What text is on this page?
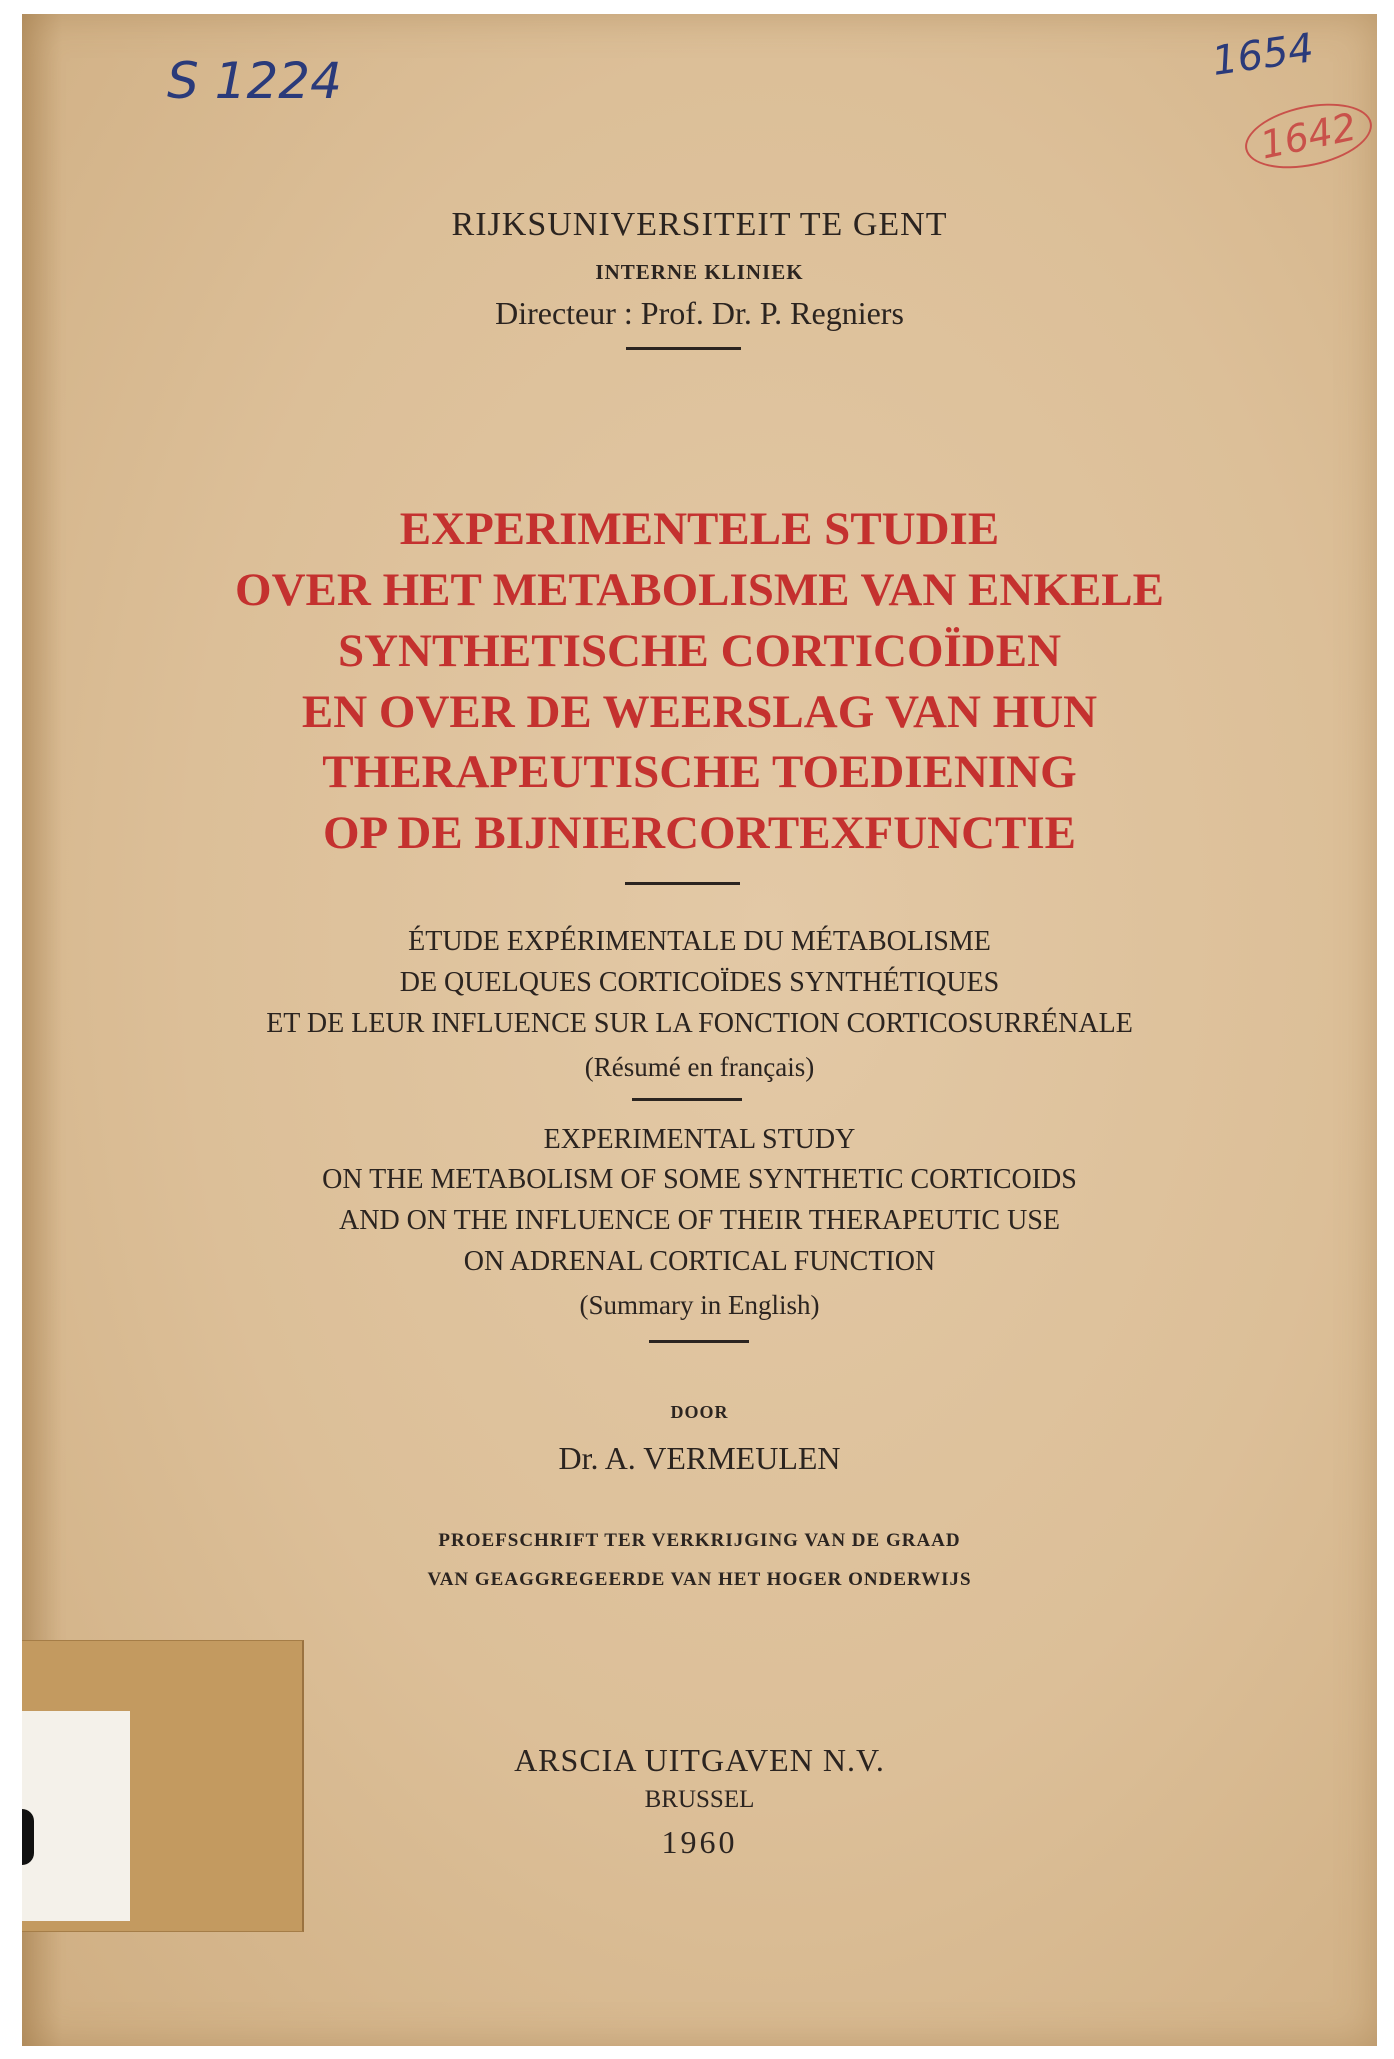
S 1224	1654
1642
RIJKSUNIVERSITEIT TE GENT
INTERNE KLINIEK
Directeur : Prof. Dr. P. Regniers
EXPERIMENTELE STUDIE
OVER HET METABOLISME VAN ENKELE
SYNTHETISCHE CORTICOÏDEN
EN OVER DE WEERSLAG VAN HUN
THERAPEUTISCHE TOEDIENING
OP DE BIJNIERCORTEXFUNCTIE
ÉTUDE EXPÉRIMENTALE DU MÉTABOLISME
DE QUELQUES CORTICOÏDES SYNTHÉTIQUES
ET DE LEUR INFLUENCE SUR LA FONCTION CORTICOSURRÉNALE
(Résumé en français)
EXPERIMENTAL STUDY
ON THE METABOLISM OF SOME SYNTHETIC CORTICOIDS
AND ON THE INFLUENCE OF THEIR THERAPEUTIC USE
ON ADRENAL CORTICAL FUNCTION
(Summary in English)
DOOR
Dr. A. VERMEULEN
PROEFSCHRIFT TER VERKRIJGING VAN DE GRAAD
VAN GEAGGREGEERDE VAN HET HOGER ONDERWIJS
ARSCIA UITGAVEN N.V.
BRUSSEL
1960
